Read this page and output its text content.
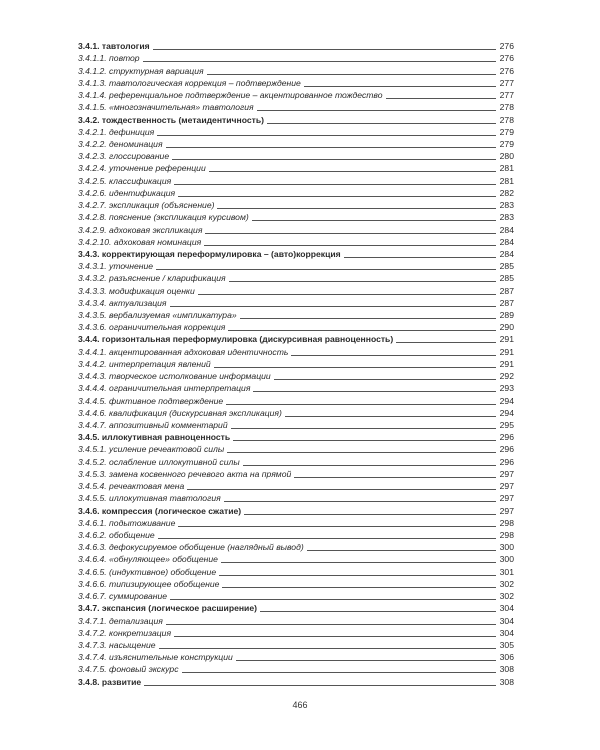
3.4.1. тавтология	276
3.4.1.1. повтор	276
3.4.1.2. структурная вариация	276
3.4.1.3. тавтологическая коррекция – подтверждение	277
3.4.1.4. референциальное подтверждение – акцентированное тождество	277
3.4.1.5. «многозначительная» тавтология	278
3.4.2. тождественность (метаидентичность)	278
3.4.2.1. дефиниция	279
3.4.2.2. деноминация	279
3.4.2.3. глоссирование	280
3.4.2.4. уточнение референции	281
3.4.2.5. классификация	281
3.4.2.6. идентификация	282
3.4.2.7. экспликация (объяснение)	283
3.4.2.8. пояснение (экспликация курсивом)	283
3.4.2.9. адхоковая экспликация	284
3.4.2.10. адхоковая номинация	284
3.4.3. корректирующая переформулировка – (авто)коррекция	284
3.4.3.1. уточнение	285
3.4.3.2. разъяснение / кларификация	285
3.4.3.3. модификация оценки	287
3.4.3.4. актуализация	287
3.4.3.5. вербализуемая «импликатура»	289
3.4.3.6. ограничительная коррекция	290
3.4.4. горизонтальная переформулировка (дискурсивная равноценность)	291
3.4.4.1. акцентированная адхоковая идентичность	291
3.4.4.2. интерпретация явлений	291
3.4.4.3. творческое истолкование информации	292
3.4.4.4. ограничительная интерпретация	293
3.4.4.5. фиктивное подтверждение	294
3.4.4.6. квалификация (дискурсивная экспликация)	294
3.4.4.7. аппозитивный комментарий	295
3.4.5. иллокутивная равноценность	296
3.4.5.1. усиление речеактовой силы	296
3.4.5.2. ослабление иллокутивной силы	296
3.4.5.3. замена косвенного речевого акта на прямой	297
3.4.5.4. речеактовая мена	297
3.4.5.5. иллокутивная тавтология	297
3.4.6. компрессия (логическое сжатие)	297
3.4.6.1. подытоживание	298
3.4.6.2. обобщение	298
3.4.6.3. дефокусируемое обобщение (наглядный вывод)	300
3.4.6.4. «обнуляющее» обобщение	300
3.4.6.5. (индуктивное) обобщение	301
3.4.6.6. типизирующее обобщение	302
3.4.6.7. суммирование	302
3.4.7. экспансия (логическое расширение)	304
3.4.7.1. детализация	304
3.4.7.2. конкретизация	304
3.4.7.3. насыщение	305
3.4.7.4. изъяснительные конструкции	306
3.4.7.5. фоновый экскурс	308
3.4.8. развитие	308
466
